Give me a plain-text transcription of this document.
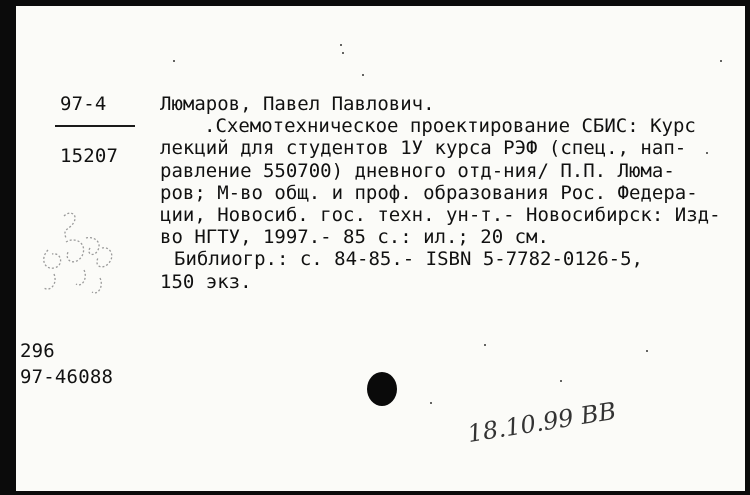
97-4
15207
Люмаров, Павел Павлович.
.Схемотехническое проектирование СБИС: Курс
лекций для студентов 1У курса РЭФ (спец., нап-
равление 550700) дневного отд-ния/ П.П. Люма-
ров; М-во общ. и проф. образования Рос. Федера-
ции, Новосиб. гос. техн. ун-т.- Новосибирск: Изд-
во НГТУ, 1997.- 85 с.: ил.; 20 см.
Библиогр.: с. 84-85.- ISBN 5-7782-0126-5,
150 экз.
296
97-46088
18.10.99 ВВ
